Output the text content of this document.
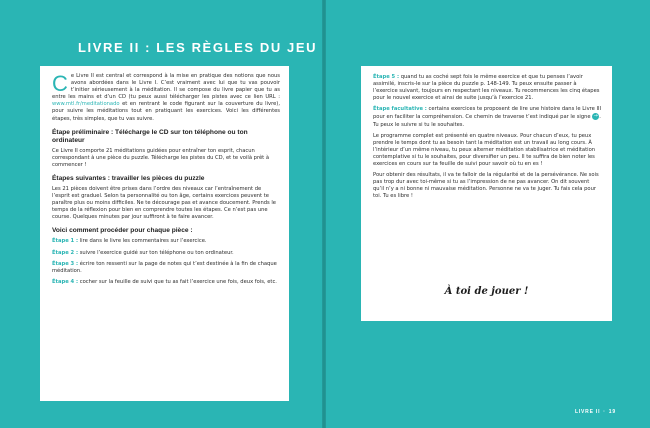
LIVRE II : LES RÈGLES DU JEU

Ce Livre II est central et correspond à la mise en pratique des notions que nous avons abordées dans le Livre I. C’est vraiment avec lui que tu vas pouvoir t’initier sérieusement à la méditation. Il se compose du livre papier que tu as entre les mains et d’un CD (tu peux aussi télécharger les pistes avec ce lien URL : www.mtl.fr/meditationado et en rentrant le code figurant sur la couverture du livre), pour suivre les méditations tout en pratiquant les exercices. Voici les différentes étapes, très simples, que tu vas suivre.

Étape préliminaire : Télécharge le CD sur ton téléphone ou ton ordinateur

Ce Livre II comporte 21 méditations guidées pour entraîner ton esprit, chacun correspondant à une pièce du puzzle. Télécharge les pistes du CD, et te voilà prêt à commencer !

Étapes suivantes : travailler les pièces du puzzle

Les 21 pièces doivent être prises dans l’ordre des niveaux car l’entraînement de l’esprit est graduel. Selon ta personnalité ou ton âge, certains exercices peuvent te paraître plus ou moins difficiles. Ne te décourage pas et avance doucement. Prends le temps de la réflexion pour bien en comprendre toutes les étapes. Ce n’est pas une course. Quelques minutes par jour suffiront à te faire avancer.

Voici comment procéder pour chaque pièce :

Étape 1 : lire dans le livre les commentaires sur l’exercice.

Étape 2 : suivre l’exercice guidé sur ton téléphone ou ton ordinateur.

Étape 3 : écrire ton ressenti sur la page de notes qui t’est destinée à la fin de chaque méditation.

Étape 4 : cocher sur la feuille de suivi que tu as fait l’exercice une fois, deux fois, etc.

Étape 5 : quand tu as coché sept fois le même exercice et que tu penses l’avoir assimilé, inscris-le sur la pièce du puzzle p. 148-149. Tu peux ensuite passer à l’exercice suivant, toujours en respectant les niveaux. Tu recommences les cinq étapes pour le nouvel exercice et ainsi de suite jusqu’à l’exercice 21.

Étape facultative : certains exercices te proposent de lire une histoire dans le Livre III pour en faciliter la compréhension. Ce chemin de traverse t’est indiqué par le signe →. Tu peux le suivre si tu le souhaites.

Le programme complet est présenté en quatre niveaux. Pour chacun d’eux, tu peux prendre le temps dont tu as besoin tant la méditation est un travail au long cours. À l’intérieur d’un même niveau, tu peux alterner méditation stabilisatrice et méditation contemplative si tu le souhaites, pour diversifier un peu. Il te suffira de bien noter les exercices en cours sur ta feuille de suivi pour savoir où tu en es !

Pour obtenir des résultats, il va te falloir de la régularité et de la persévérance. Ne sois pas trop dur avec toi-même si tu as l’impression de ne pas avancer. On dit souvent qu’il n’y a ni bonne ni mauvaise méditation. Personne ne va te juger. Tu fais cela pour toi. Tu es libre !

À toi de jouer !
LIVRE II · 19
